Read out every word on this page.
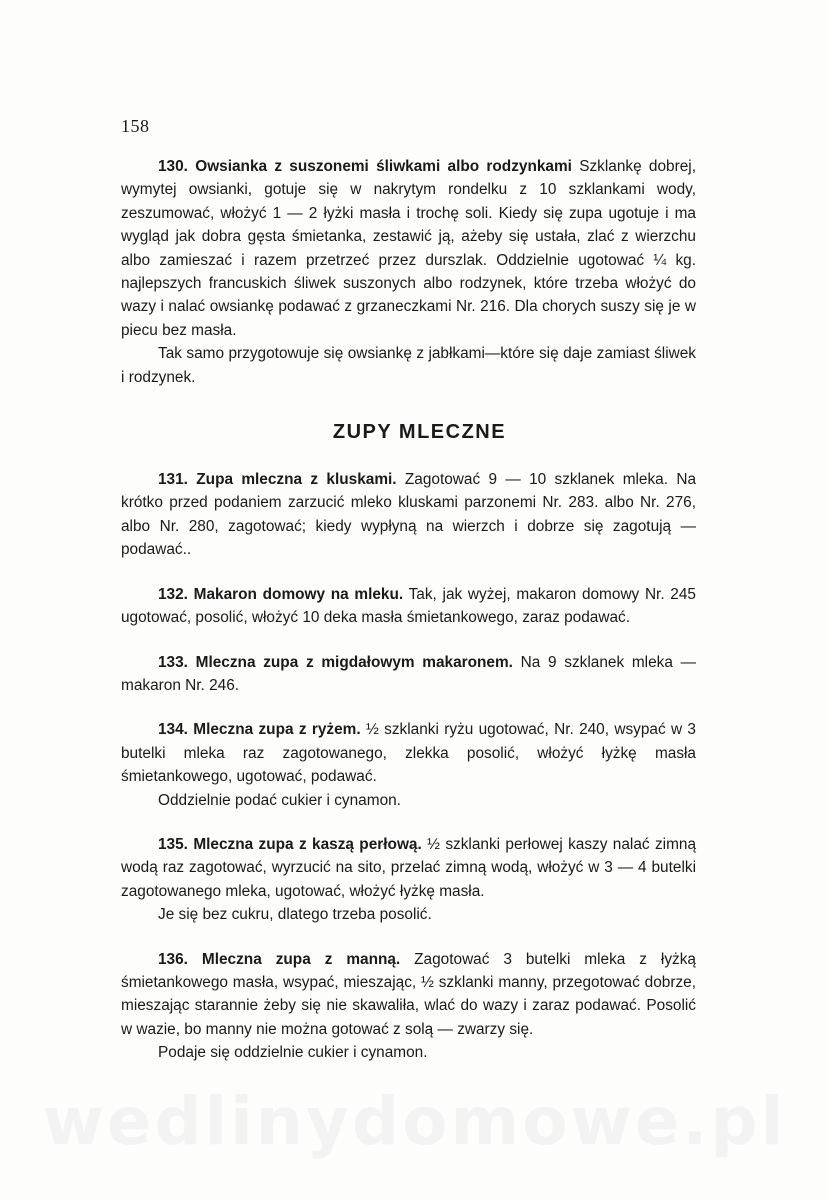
158

130. Owsianka z suszonemi śliwkami albo rodzynkami Szklankę dobrej, wymytej owsianki, gotuje się w nakrytym rondelku z 10 szklankami wody, zeszumować, włożyć 1 — 2 łyżki masła i trochę soli. Kiedy się zupa ugotuje i ma wygląd jak dobra gęsta śmietanka, zestawić ją, ażeby się ustała, zlać z wierzchu albo zamieszać i razem przetrzeć przez durszlak. Oddzielnie ugotować ¼ kg. najlepszych francuskich śliwek suszonych albo rodzynek, które trzeba włożyć do wazy i nalać owsiankę podawać z grzaneczkami Nr. 216. Dla chorych suszy się je w piecu bez masła.

Tak samo przygotowuje się owsiankę z jabłkami—które się daje zamiast śliwek i rodzynek.

ZUPY MLECZNE

131. Zupa mleczna z kluskami. Zagotować 9 — 10 szklanek mleka. Na krótko przed podaniem zarzucić mleko kluskami parzonemi Nr. 283. albo Nr. 276, albo Nr. 280, zagotować; kiedy wypłyną na wierzch i dobrze się zagotują — podawać..

132. Makaron domowy na mleku. Tak, jak wyżej, makaron domowy Nr. 245 ugotować, posolić, włożyć 10 deka masła śmietankowego, zaraz podawać.

133. Mleczna zupa z migdałowym makaronem. Na 9 szklanek mleka — makaron Nr. 246.

134. Mleczna zupa z ryżem. ½ szklanki ryżu ugotować, Nr. 240, wsypać w 3 butelki mleka raz zagotowanego, zlekka posolić, włożyć łyżkę masła śmietankowego, ugotować, podawać.

Oddzielnie podać cukier i cynamon.

135. Mleczna zupa z kaszą perłową. ½ szklanki perłowej kaszy nalać zimną wodą raz zagotować, wyrzucić na sito, przelać zimną wodą, włożyć w 3 — 4 butelki zagotowanego mleka, ugotować, włożyć łyżkę masła.

Je się bez cukru, dlatego trzeba posolić.

136. Mleczna zupa z manną. Zagotować 3 butelki mleka z łyżką śmietankowego masła, wsypać, mieszając, ½ szklanki manny, przegotować dobrze, mieszając starannie żeby się nie skawaliła, wlać do wazy i zaraz podawać. Posolić w wazie, bo manny nie można gotować z solą — zwarzy się.

Podaje się oddzielnie cukier i cynamon.

wedlinydomowe.pl
